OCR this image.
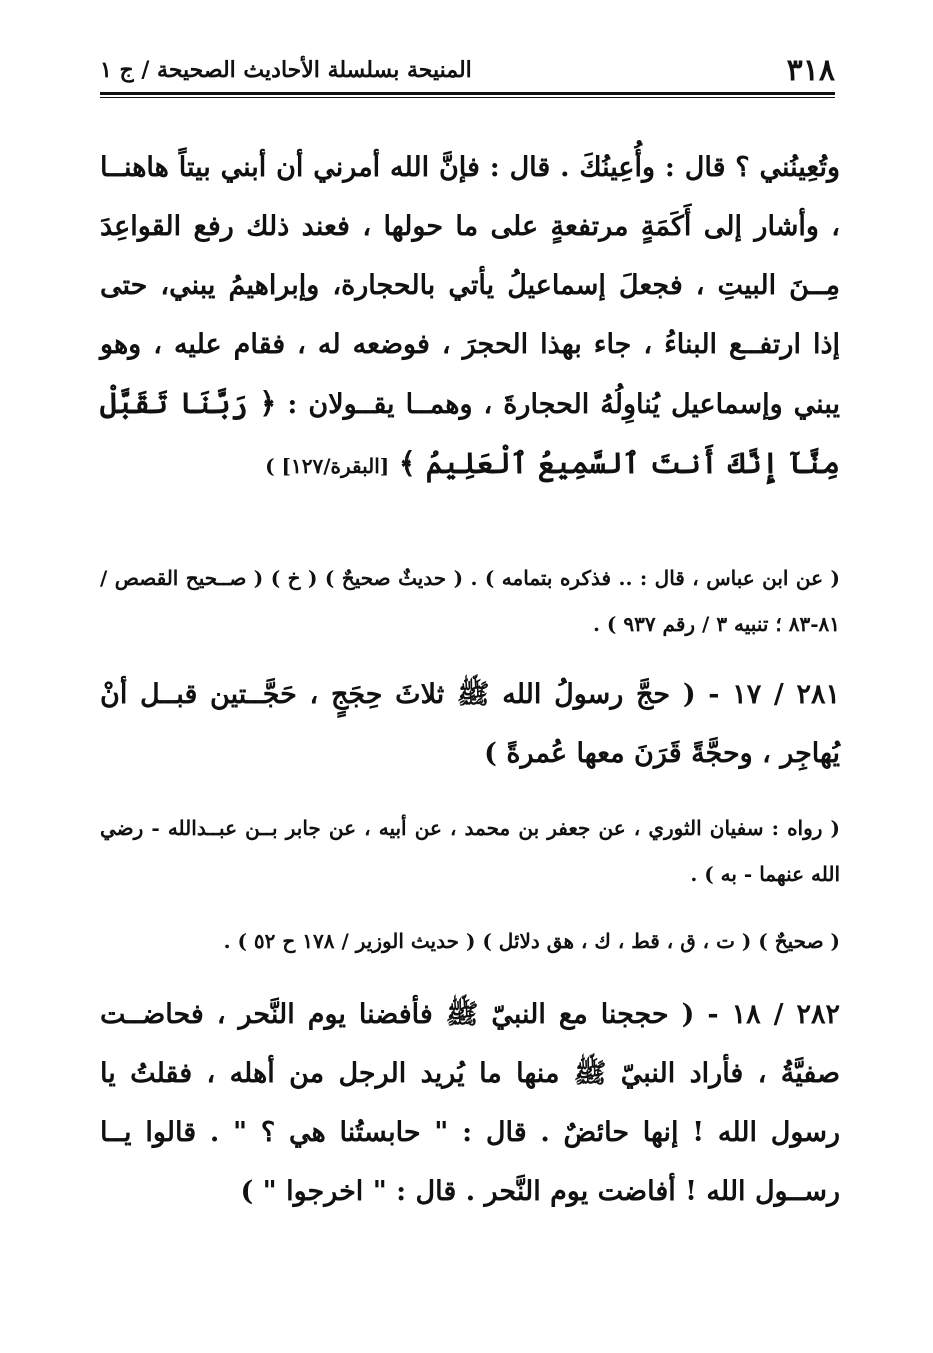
٣١٨
المنيحة بسلسلة الأحاديث الصحيحة / ج ١
وتُعِينُني ؟ قال : وأُعِينُكَ . قال : فإنَّ الله أمرني أن أبني بيتاً هاهنــا ، وأشار إلى أَكَمَةٍ مرتفعةٍ على ما حولها ، فعند ذلك رفع القواعِدَ مِــنَ البيتِ ، فجعلَ إسماعيلُ يأتي بالحجارة، وإبراهيمُ يبني، حتى إذا ارتفــع البناءُ ، جاء بهذا الحجرَ ، فوضعه له ، فقام عليه ، وهو يبني وإسماعيل يُناوِلُهُ الحجارةَ ، وهمــا يقــولان : ﴿ رَبَّنَا تَقَبَّلْ مِنَّآ إِنَّكَ أَنتَ ٱلسَّمِيعُ ٱلْعَلِيمُ ﴾ [البقرة/١٢٧] )
( عن ابن عباس ، قال : .. فذكره بتمامه ) . ( حديثٌ صحيحٌ ) ( خ ) ( صــحيح القصص / ٨١-٨٣ ؛ تنبيه ٣ / رقم ٩٣٧ ) .
٢٨١ / ١٧ - ( حجَّ رسولُ الله ﷺ ثلاثَ حِجَجٍ ، حَجَّــتين قبــل أنْ يُهاجِر ، وحجَّةً قَرَنَ معها عُمرةً )
( رواه : سفيان الثوري ، عن جعفر بن محمد ، عن أبيه ، عن جابر بــن عبــدالله - رضي الله عنهما - به ) .
( صحيحٌ ) ( ت ، ق ، قط ، ك ، هق دلائل ) ( حديث الوزير / ١٧٨ ح ٥٢ ) .
٢٨٢ / ١٨ - ( حججنا مع النبيّ ﷺ فأفضنا يوم النَّحر ، فحاضــت صفيَّةُ ، فأراد النبيّ ﷺ منها ما يُريد الرجل من أهله ، فقلتُ يا رسول الله ! إنها حائضٌ . قال : " حابستُنا هي ؟ " . قالوا يــا رســول الله ! أفاضت يوم النَّحر . قال : " اخرجوا " )
